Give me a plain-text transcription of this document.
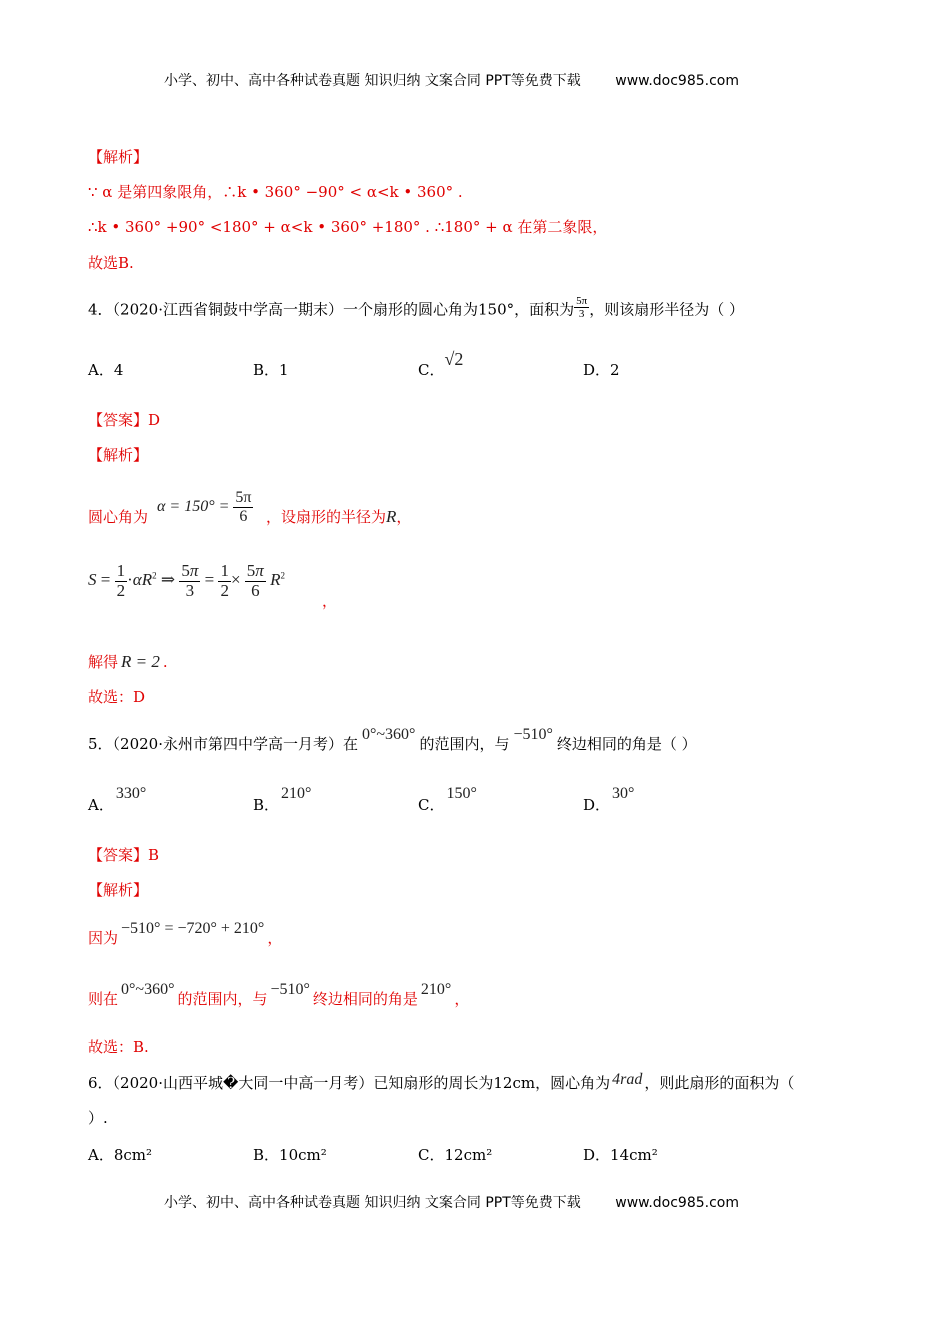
小学、初中、高中各种试卷真题 知识归纳 文案合同 PPT等免费下载 www.doc985.com
【解析】
∵ α 是第四象限角，∴k • 360° −90° < α<k • 360° .
∴k • 360° +90° <180° + α<k • 360° +180° . ∴180° + α 在第二象限，
故选B.
4．（2020·江西省铜鼓中学高一期末）一个扇形的圆心角为150°，面积为 $\frac{5\pi}{3}$ ，则该扇形半径为（ ）
A．4	B．1	C．√2
D．2
【答案】D
【解析】
圆心角为
$\alpha = 150^\circ = \frac{5\pi}{6}$ ，设扇形的半径为R，
$S = \frac{1}{2} \cdot\alpha R^2$ ⇒ $\frac{5\pi}{3} = \frac{1}{2} \times \frac{5\pi}{6} R^2$
，
解得 R = 2 .
故选：D
5．（2020·永州市第四中学高一月考）在0°~360°的范围内，与−510°终边相同的角是（ ）
A．330°
B．210°
C．150°
D．30°
【答案】B
【解析】
因为−510° = −720° + 210°，
则在0°~360°的范围内，与−510°终边相同的角是210°，
故选：B.
6．（2020·山西平城�大同一中高一月考）已知扇形的周长为12cm，圆心角为 4rad ，则此扇形的面积为（
）.
A．8cm²	B．10cm²	C．12cm²	D．14cm²
小学、初中、高中各种试卷真题 知识归纳 文案合同 PPT等免费下载 www.doc985.com
